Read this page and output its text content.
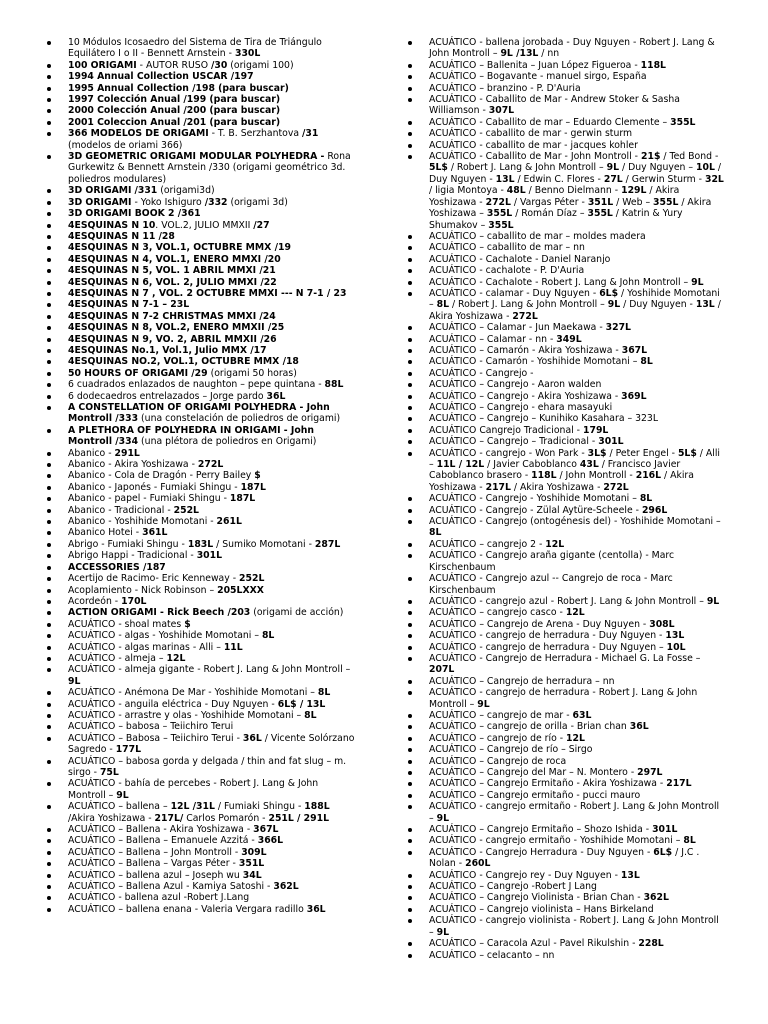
10 Módulos Icosaedro del Sistema de Tira de Triángulo Equilátero I o II - Bennett Arnstein - 330L
100 ORIGAMI - AUTOR RUSO /30 (origami 100)
1994 Annual Collection USCAR /197
1995 Annual Collection /198 (para buscar)
1997 Colección Anual /199 (para buscar)
2000 Colección Anual /200 (para buscar)
2001 Coleccion Anual /201 (para buscar)
366 MODELOS DE ORIGAMI - T. B. Serzhantova /31 (modelos de oriami 366)
3D GEOMETRIC ORIGAMI MODULAR POLYHEDRA - Rona Gurkewitz & Bennett Arnstein /330 (origami geométrico 3d. poliedros modulares)
3D ORIGAMI /331 (origami3d)
3D ORIGAMI - Yoko Ishiguro /332 (origami 3d)
3D ORIGAMI BOOK 2 /361
4ESQUINAS N 10. VOL.2, JULIO MMXII /27
4ESQUINAS N 11 /28
4ESQUINAS N 3, VOL.1, OCTUBRE MMX /19
4ESQUINAS N 4, VOL.1, ENERO MMXI /20
4ESQUINAS N 5, VOL. 1 ABRIL MMXI /21
4ESQUINAS N 6, VOL. 2, JULIO MMXI /22
4ESQUINAS N 7 , VOL. 2 OCTUBRE MMXI --- N 7-1 / 23
4ESQUINAS N 7-1 – 23L
4ESQUINAS N 7-2 CHRISTMAS MMXI /24
4ESQUINAS N 8, VOL.2, ENERO MMXII /25
4ESQUINAS N 9, VO. 2, ABRIL MMXII /26
4ESQUINAS No.1, Vol.1, Julio MMX /17
4ESQUINAS NO.2, VOL.1, OCTUBRE MMX /18
50 HOURS OF ORIGAMI /29 (origami 50 horas)
6 cuadrados enlazados de naughton – pepe quintana - 88L
6 dodecaedros entrelazados – Jorge pardo 36L
A CONSTELLATION OF ORIGAMI POLYHEDRA - John Montroll /333 (una constelación de poliedros de origami)
A PLETHORA OF POLYHEDRA IN ORIGAMI - John Montroll /334 (una plétora de poliedros en Origami)
Abanico - 291L
Abanico - Akira Yoshizawa - 272L
Abanico - Cola de Dragón - Perry Bailey $
Abanico - Japonés - Fumiaki Shingu - 187L
Abanico - papel - Fumiaki Shingu - 187L
Abanico - Tradicional - 252L
Abanico - Yoshihide Momotani - 261L
Abanico Hotei - 361L
Abrigo - Fumiaki Shingu - 183L / Sumiko Momotani - 287L
Abrigo Happi - Tradicional - 301L
ACCESSORIES /187
Acertijo de Racimo- Eric Kenneway - 252L
Acoplamiento - Nick Robinson – 205LXXX
Acordeón - 170L
ACTION ORIGAMI - Rick Beech /203 (origami de acción)
ACUÁTICO - shoal mates $
ACUÁTICO - algas - Yoshihide Momotani – 8L
ACUÁTICO - algas marinas - Alli – 11L
ACUÁTICO - almeja – 12L
ACUÁTICO - almeja gigante - Robert J. Lang & John Montroll – 9L
ACUÁTICO - Anémona De Mar - Yoshihide Momotani – 8L
ACUÁTICO - anguila eléctrica - Duy Nguyen - 6L$ / 13L
ACUÁTICO - arrastre y olas - Yoshihide Momotani – 8L
ACUÁTICO – babosa – Teiichiro Terui
ACUÁTICO – Babosa – Teiichiro Terui - 36L / Vicente Solórzano Sagredo - 177L
ACUÁTICO – babosa gorda y delgada / thin and fat slug – m. sirgo - 75L
ACUÁTICO - bahía de percebes - Robert J. Lang & John Montroll – 9L
ACUÁTICO – ballena – 12L /31L / Fumiaki Shingu - 188L /Akira Yoshizawa - 217L/ Carlos Pomarón - 251L / 291L
ACUÁTICO – Ballena - Akira Yoshizawa - 367L
ACUÁTICO – Ballena – Emanuele Azzitá - 366L
ACUÁTICO – Ballena – John Montroll - 309L
ACUÁTICO – Ballena – Vargas Péter - 351L
ACUÁTICO – ballena azul – Joseph wu 34L
ACUÁTICO – Ballena Azul - Kamiya Satoshi - 362L
ACUÁTICO - ballena azul -Robert J.Lang
ACUÁTICO – ballena enana - Valeria Vergara radillo 36L
ACUÁTICO - ballena jorobada - Duy Nguyen - Robert J. Lang & John Montroll – 9L /13L / nn
ACUÁTICO – Ballenita – Juan López Figueroa - 118L
ACUÁTICO – Bogavante - manuel sirgo, España
ACUÁTICO – branzino - P. D'Auria
ACUÁTICO - Caballito de Mar - Andrew Stoker & Sasha Williamson - 307L
ACUÁTICO - Caballito de mar – Eduardo Clemente – 355L
ACUÁTICO - caballito de mar - gerwin sturm
ACUÁTICO - caballito de mar - jacques kohler
ACUÁTICO - Caballito de Mar - John Montroll - 21$ / Ted Bond - 5L$ / Robert J. Lang & John Montroll – 9L / Duy Nguyen – 10L / Duy Nguyen - 13L / Edwin C. Flores - 27L / Gerwin Sturm - 32L / ligia Montoya - 48L / Benno Dielmann - 129L / Akira Yoshizawa - 272L / Vargas Péter - 351L / Web – 355L / Akira Yoshizawa – 355L / Román Díaz – 355L / Katrin & Yury Shumakov – 355L
ACUÁTICO – caballito de mar – moldes madera
ACUÁTICO – caballito de mar – nn
ACUÁTICO - Cachalote - Daniel Naranjo
ACUÁTICO - cachalote - P. D'Auria
ACUÁTICO - Cachalote - Robert J. Lang & John Montroll – 9L
ACUÁTICO - calamar - Duy Nguyen - 6L$ / Yoshihide Momotani – 8L / Robert J. Lang & John Montroll – 9L / Duy Nguyen - 13L / Akira Yoshizawa - 272L
ACUÁTICO – Calamar - Jun Maekawa - 327L
ACUÁTICO – Calamar - nn - 349L
ACUÁTICO – Camarón - Akira Yoshizawa - 367L
ACUÁTICO - Camarón - Yoshihide Momotani – 8L
ACUÁTICO - Cangrejo -
ACUÁTICO – Cangrejo - Aaron walden
ACUÁTICO – Cangrejo - Akira Yoshizawa - 369L
ACUÁTICO – Cangrejo - ehara masayuki
ACUÁTICO – Cangrejo – Kunihiko Kasahara – 323L
ACUÁTICO Cangrejo Tradicional - 179L
ACUÁTICO – Cangrejo – Tradicional - 301L
ACUÁTICO - cangrejo - Won Park - 3L$ / Peter Engel - 5L$ / Alli – 11L / 12L / Javier Caboblanco 43L / Francisco Javier Caboblanco brasero - 118L / John Montroll - 216L / Akira Yoshizawa - 217L / Akira Yoshizawa - 272L
ACUÁTICO - Cangrejo - Yoshihide Momotani – 8L
ACUÁTICO - Cangrejo - Zülal Aytüre-Scheele - 296L
ACUÁTICO - Cangrejo (ontogénesis del) - Yoshihide Momotani – 8L
ACUÁTICO – cangrejo 2 - 12L
ACUÁTICO - Cangrejo araña gigante (centolla) - Marc Kirschenbaum
ACUÁTICO - Cangrejo azul -- Cangrejo de roca - Marc Kirschenbaum
ACUÁTICO - cangrejo azul - Robert J. Lang & John Montroll – 9L
ACUÁTICO – cangrejo casco - 12L
ACUÁTICO – Cangrejo de Arena - Duy Nguyen - 308L
ACUÁTICO - cangrejo de herradura - Duy Nguyen - 13L
ACUÁTICO - cangrejo de herradura - Duy Nguyen – 10L
ACUÁTICO - Cangrejo de Herradura - Michael G. La Fosse – 207L
ACUÁTICO – Cangrejo de herradura – nn
ACUÁTICO - cangrejo de herradura - Robert J. Lang & John Montroll – 9L
ACUÁTICO – cangrejo de mar - 63L
ACUÁTICO – cangrejo de orilla - Brian chan 36L
ACUÁTICO – cangrejo de río - 12L
ACUÁTICO – Cangrejo de río – Sirgo
ACUÁTICO – Cangrejo de roca
ACUÁTICO – Cangrejo del Mar – N. Montero - 297L
ACUÁTICO – Cangrejo Ermitaño - Akira Yoshizawa - 217L
ACUÁTICO – Cangrejo ermitaño - pucci mauro
ACUÁTICO - cangrejo ermitaño - Robert J. Lang & John Montroll – 9L
ACUÁTICO – Cangrejo Ermitaño – Shozo Ishida - 301L
ACUÁTICO - cangrejo ermitaño - Yoshihide Momotani – 8L
ACUÁTICO - Cangrejo Herradura - Duy Nguyen - 6L$ / J.C . Nolan - 260L
ACUÁTICO - Cangrejo rey - Duy Nguyen - 13L
ACUÁTICO – Cangrejo -Robert J Lang
ACUÁTICO – Cangrejo Violinista - Brian Chan - 362L
ACUÁTICO – Cangrejo violinista – Hans Birkeland
ACUÁTICO - cangrejo violinista - Robert J. Lang & John Montroll – 9L
ACUÁTICO – Caracola Azul - Pavel Rikulshin - 228L
ACUÁTICO – celacanto – nn
